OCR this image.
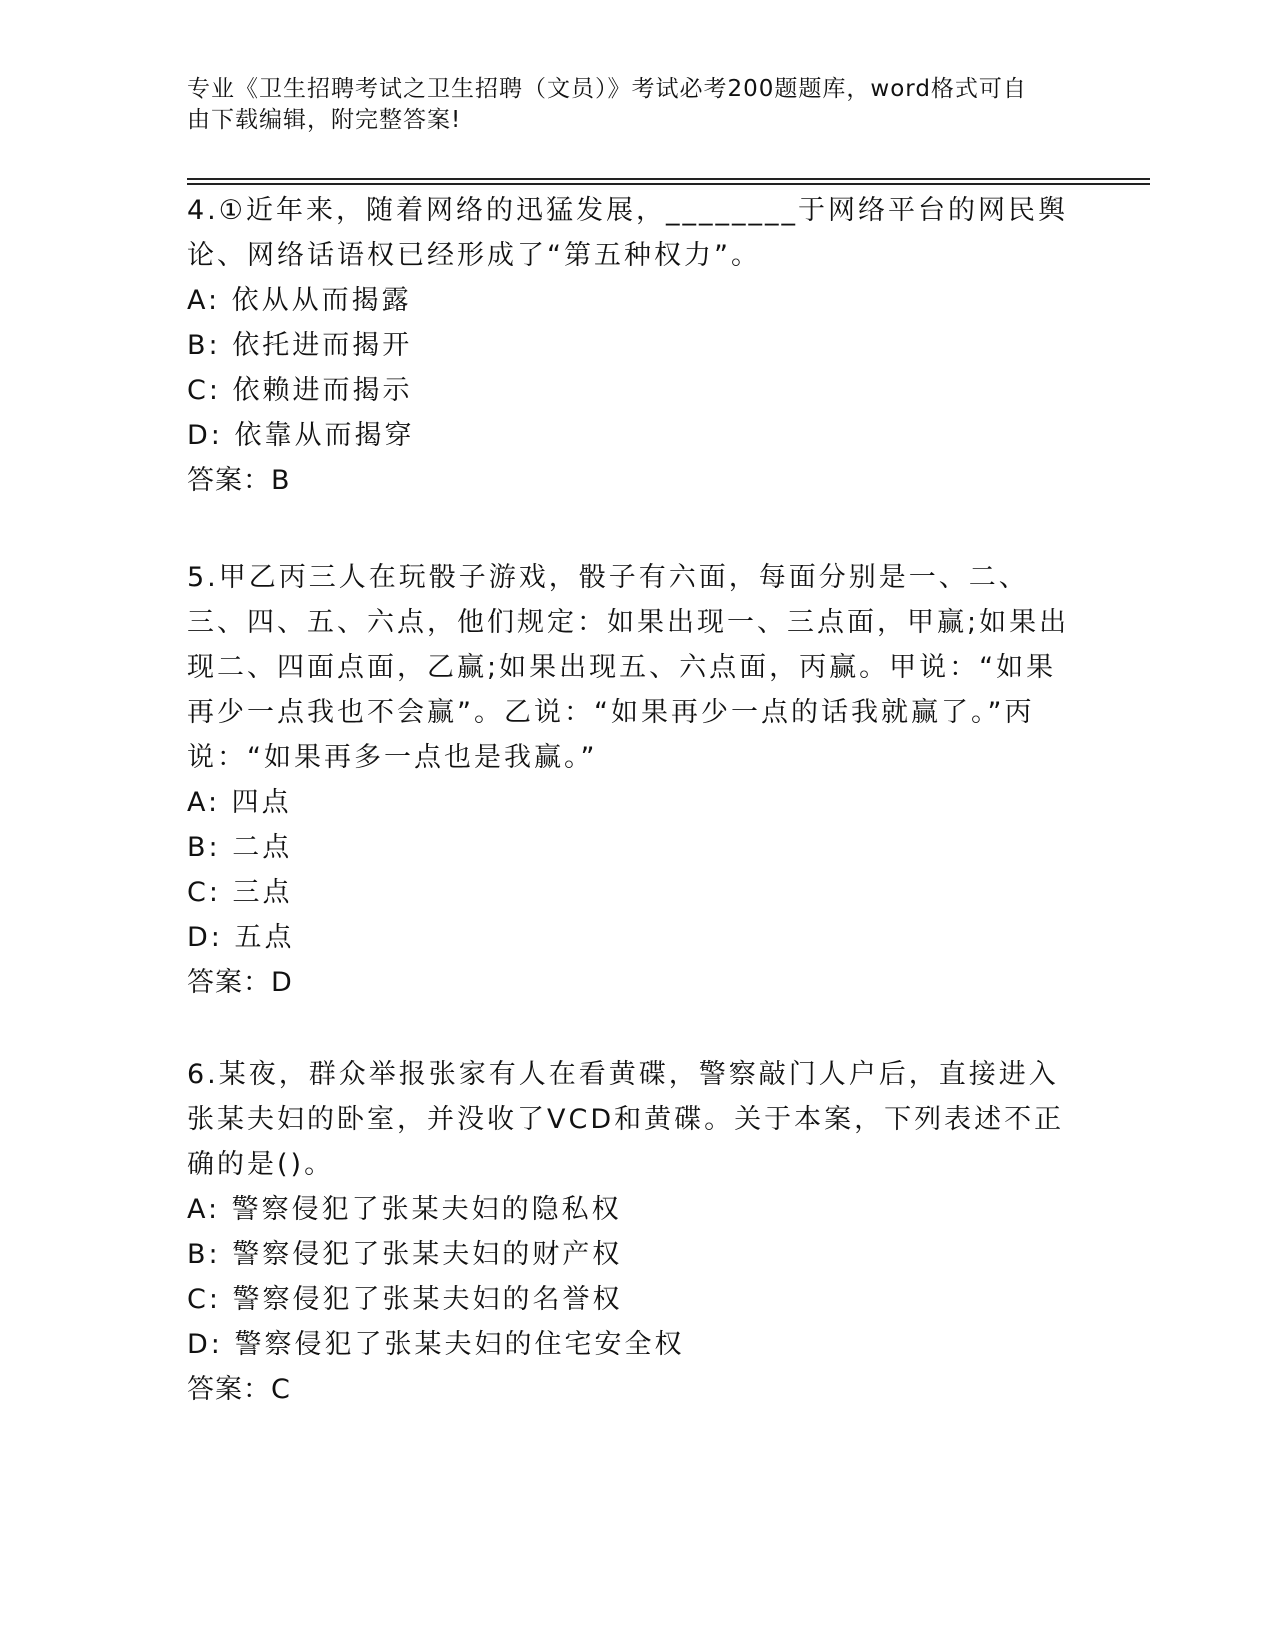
专业《卫生招聘考试之卫生招聘（文员）》考试必考200题题库，word格式可自
由下载编辑，附完整答案!
4.①近年来，随着网络的迅猛发展，________于网络平台的网民舆论、网络话语权已经形成了“第五种权力”。
A: 依从从而揭露
B: 依托进而揭开
C: 依赖进而揭示
D: 依靠从而揭穿
答案：B
5.甲乙丙三人在玩骰子游戏，骰子有六面，每面分别是一、二、三、四、五、六点，他们规定：如果出现一、三点面，甲赢;如果出现二、四面点面，乙赢;如果出现五、六点面，丙赢。甲说：“如果再少一点我也不会赢”。乙说：“如果再少一点的话我就赢了。”丙说：“如果再多一点也是我赢。”
A: 四点
B: 二点
C: 三点
D: 五点
答案：D
6.某夜，群众举报张家有人在看黄碟，警察敲门人户后，直接进入张某夫妇的卧室，并没收了VCD和黄碟。关于本案，下列表述不正确的是()。
A: 警察侵犯了张某夫妇的隐私权
B: 警察侵犯了张某夫妇的财产权
C: 警察侵犯了张某夫妇的名誉权
D: 警察侵犯了张某夫妇的住宅安全权
答案：C
